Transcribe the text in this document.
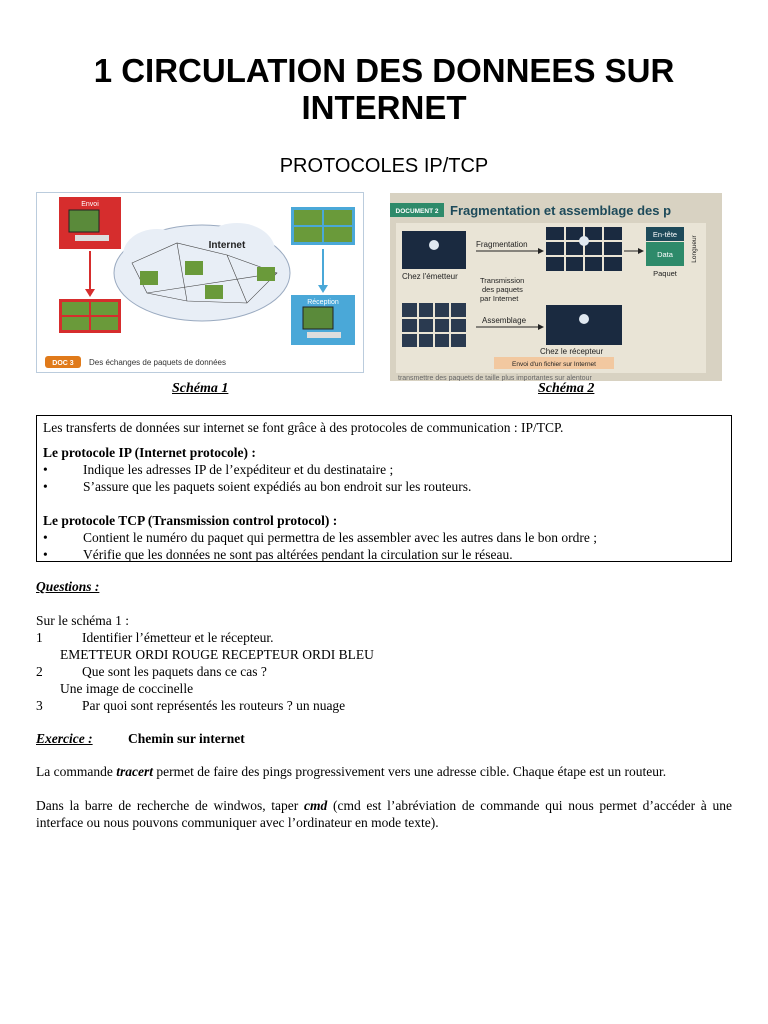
1 CIRCULATION DES DONNEES SUR INTERNET
PROTOCOLES IP/TCP
Envoi
Internet
Réception
DOC 3 Des échanges de paquets de données
DOCUMENT 2 Fragmentation et assemblage des p
Chez l'émetteur
Fragmentation
En-tête
Data
Paquet
Longueur
Transmission
des paquets
par Internet
Assemblage
Chez le récepteur
Envoi d'un fichier sur Internet
transmettre des paquets de taille plus importantes sur alentour
Schéma 1	Schéma 2

Les transferts de données sur internet se font grâce à des protocoles de communication : IP/TCP.

Le protocole IP (Internet protocole) :

•	Indique les adresses IP de l’expéditeur et du destinataire ;
•	S’assure que les paquets soient expédiés au bon endroit sur les routeurs.

Le protocole TCP (Transmission control protocol) :

•	Contient le numéro du paquet qui permettra de les assembler avec les autres dans le bon ordre ;
•	Vérifie que les données ne sont pas altérées pendant la circulation sur le réseau.
Questions :
Sur le schéma 1 :
1	Identifier l’émetteur et le récepteur.
EMETTEUR ORDI ROUGE RECEPTEUR ORDI BLEU
2	Que sont les paquets dans ce cas ?
Une image de coccinelle
3	Par quoi sont représentés les routeurs ? un nuage
Exercice :	Chemin sur internet
La commande tracert permet de faire des pings progressivement vers une adresse cible. Chaque étape est un routeur.
Dans la barre de recherche de windwos, taper cmd (cmd est l’abréviation de commande qui nous permet d’accéder à une interface ou nous pouvons communiquer avec l’ordinateur en mode texte).
